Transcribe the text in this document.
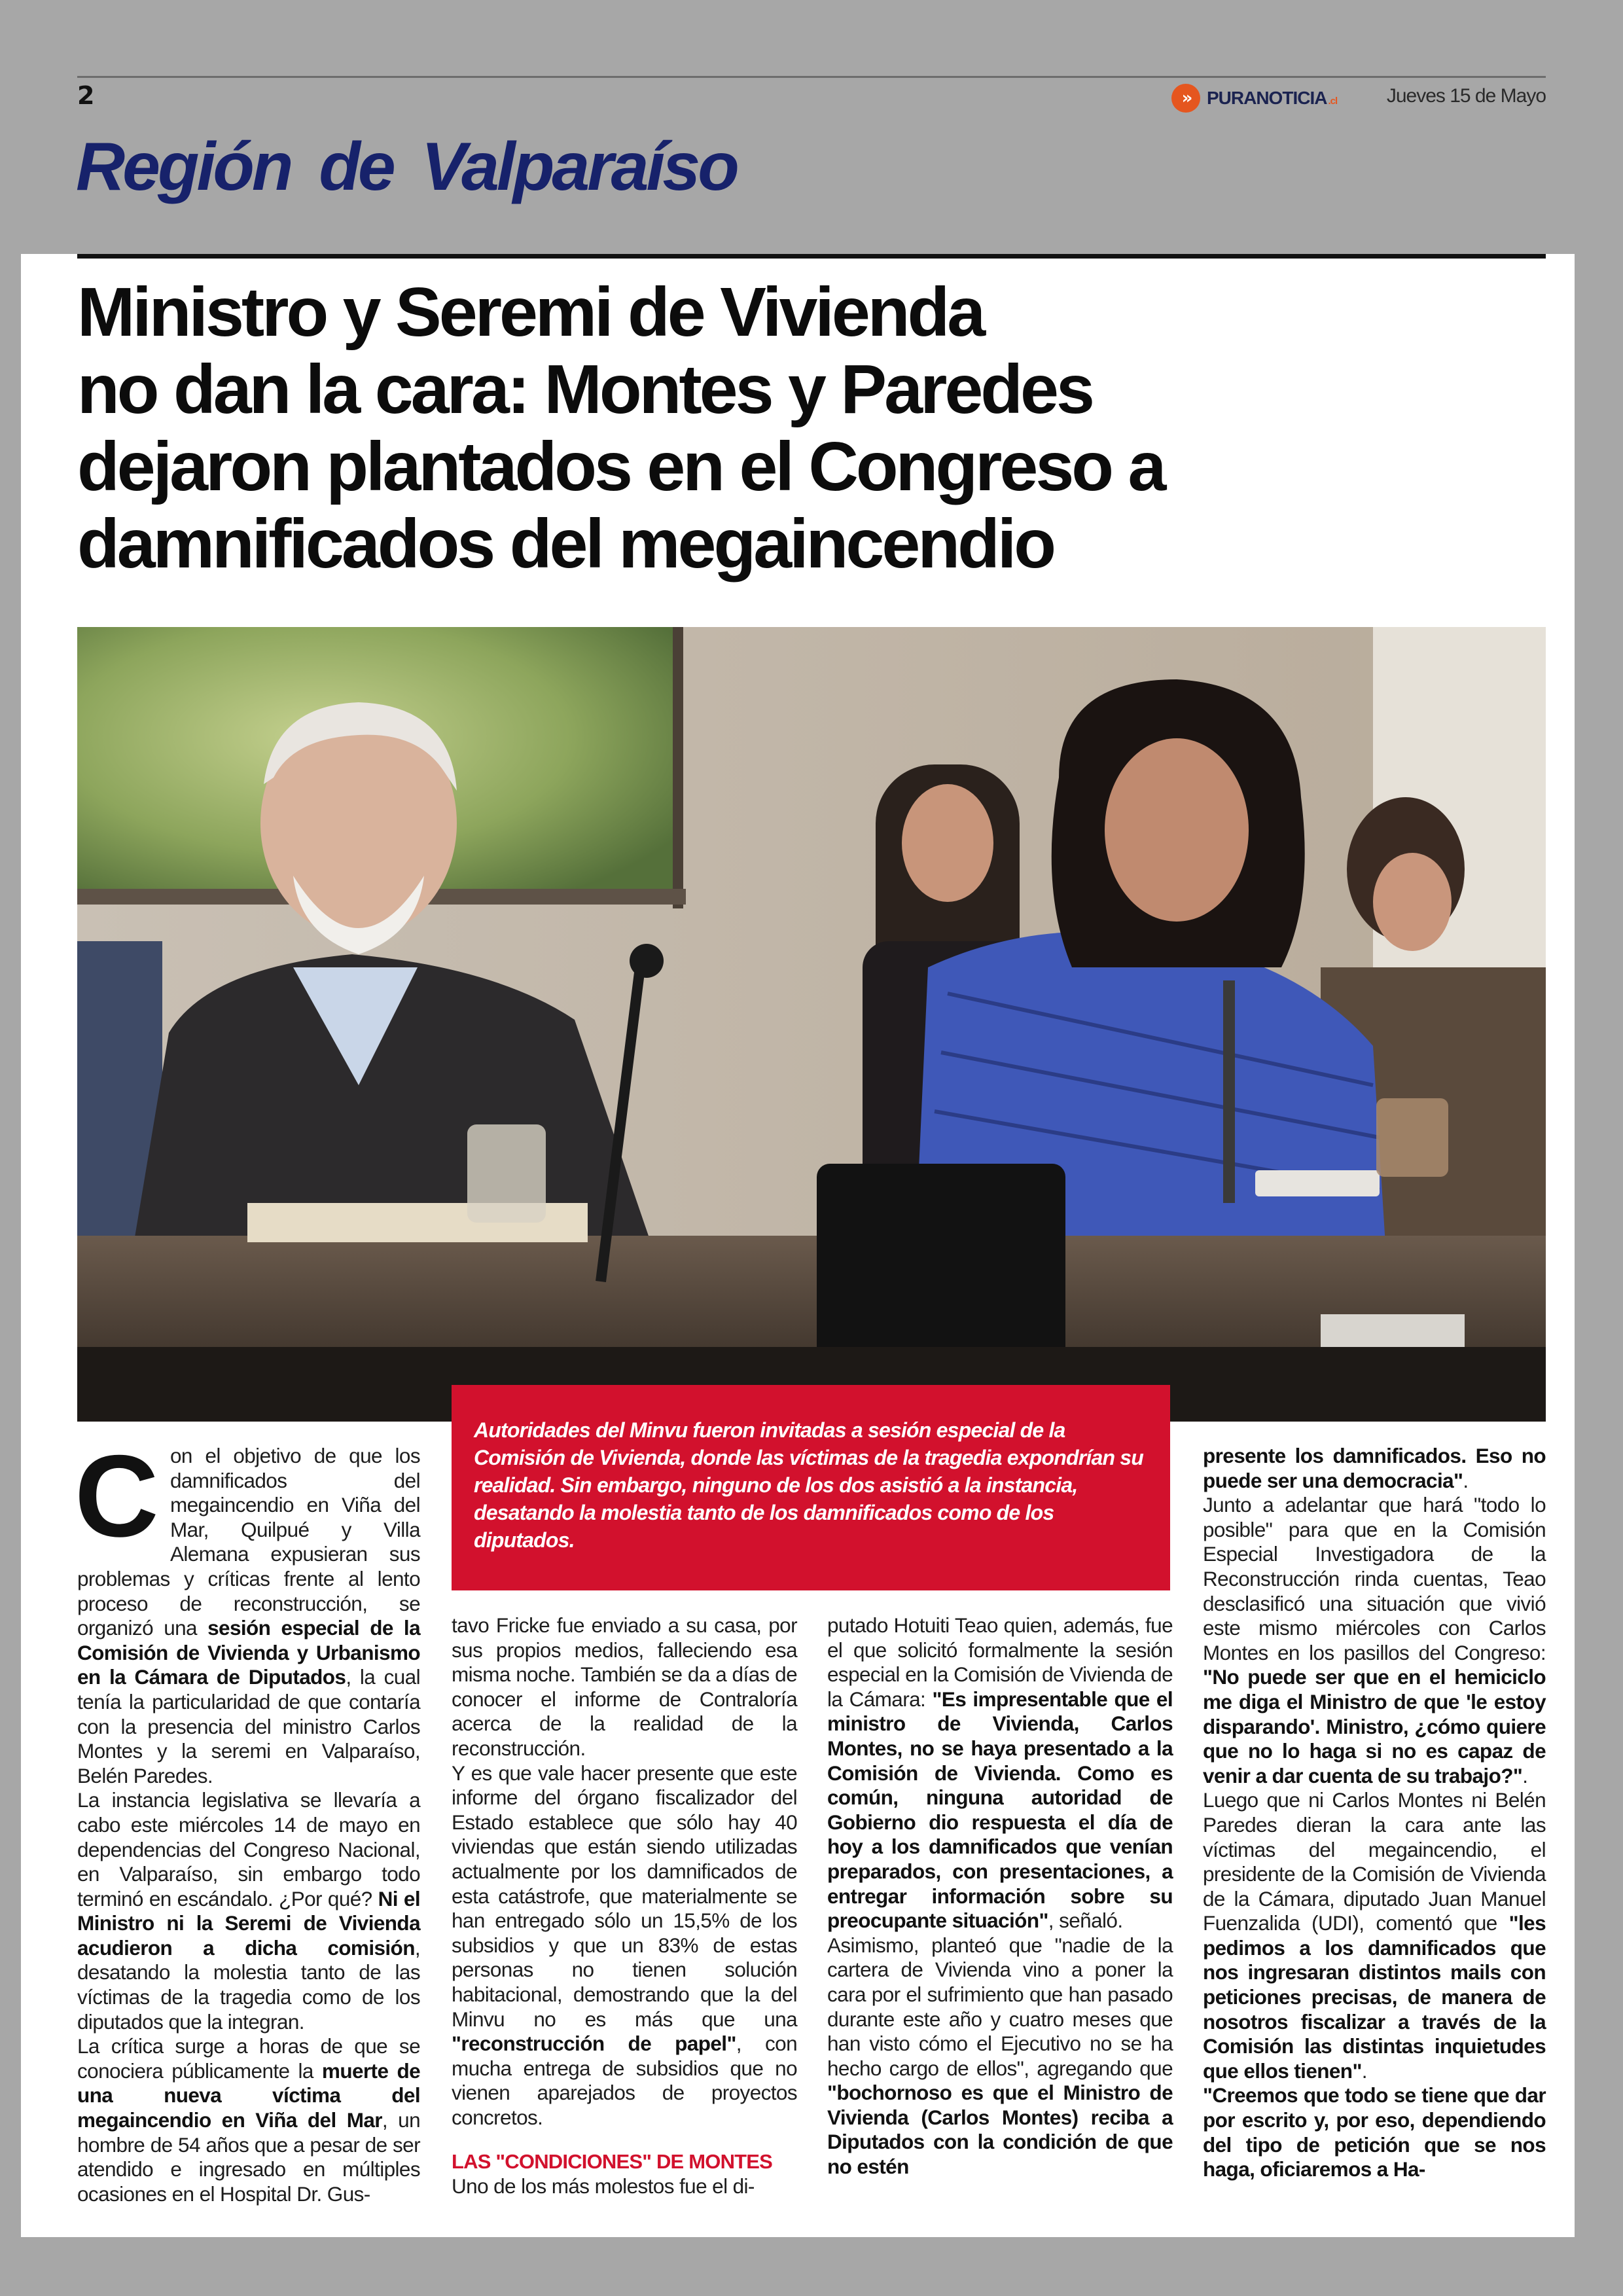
2	» PURANOTICIA .cl	Jueves 15 de Mayo
Región de Valparaíso
Ministro y Seremi de Vivienda
no dan la cara: Montes y Paredes
dejaron plantados en el Congreso a
damnificados del megaincendio

Autoridades del Minvu fueron invitadas a sesión especial de la Comisión de Vivienda, donde las víctimas de la tragedia expondrían su realidad. Sin embargo, ninguno de los dos asistió a la instancia, desatando la molestia tanto de los damnificados como de los diputados.

Con el objetivo de que los damnificados del megaincendio en Viña del Mar, Quilpué y Villa Alemana expusieran sus problemas y críticas frente al lento proceso de reconstrucción, se organizó una sesión especial de la Comisión de Vivienda y Urbanismo en la Cámara de Diputados, la cual tenía la particularidad de que contaría con la presencia del ministro Carlos Montes y la seremi en Valparaíso, Belén Paredes.

La instancia legislativa se llevaría a cabo este miércoles 14 de mayo en dependencias del Congreso Nacional, en Valparaíso, sin embargo todo terminó en escándalo. ¿Por qué? Ni el Ministro ni la Seremi de Vivienda acudieron a dicha comisión, desatando la molestia tanto de las víctimas de la tragedia como de los diputados que la integran.

La crítica surge a horas de que se conociera públicamente la muerte de una nueva víctima del megaincendio en Viña del Mar, un hombre de 54 años que a pesar de ser atendido e ingresado en múltiples ocasiones en el Hospital Dr. Gus-

tavo Fricke fue enviado a su casa, por sus propios medios, falleciendo esa misma noche. También se da a días de conocer el informe de Contraloría acerca de la realidad de la reconstrucción.

Y es que vale hacer presente que este informe del órgano fiscalizador del Estado establece que sólo hay 40 viviendas que están siendo utilizadas actualmente por los damnificados de esta catástrofe, que materialmente se han entregado sólo un 15,5% de los subsidios y que un 83% de estas personas no tienen solución habitacional, demostrando que la del Minvu no es más que una "reconstrucción de papel", con mucha entrega de subsidios que no vienen aparejados de proyectos concretos.

LAS "CONDICIONES" DE MONTES

Uno de los más molestos fue el di-

putado Hotuiti Teao quien, además, fue el que solicitó formalmente la sesión especial en la Comisión de Vivienda de la Cámara: "Es impresentable que el ministro de Vivienda, Carlos Montes, no se haya presentado a la Comisión de Vivienda. Como es común, ninguna autoridad de Gobierno dio respuesta el día de hoy a los damnificados que venían preparados, con presentaciones, a entregar información sobre su preocupante situación", señaló.

Asimismo, planteó que "nadie de la cartera de Vivienda vino a poner la cara por el sufrimiento que han pasado durante este año y cuatro meses que han visto cómo el Ejecutivo no se ha hecho cargo de ellos", agregando que "bochornoso es que el Ministro de Vivienda (Carlos Montes) reciba a Diputados con la condición de que no estén

presente los damnificados. Eso no puede ser una democracia".

Junto a adelantar que hará "todo lo posible" para que en la Comisión Especial Investigadora de la Reconstrucción rinda cuentas, Teao desclasificó una situación que vivió este mismo miércoles con Carlos Montes en los pasillos del Congreso: "No puede ser que en el hemiciclo me diga el Ministro de que 'le estoy disparando'. Ministro, ¿cómo quiere que no lo haga si no es capaz de venir a dar cuenta de su trabajo?".

Luego que ni Carlos Montes ni Belén Paredes dieran la cara ante las víctimas del megaincendio, el presidente de la Comisión de Vivienda de la Cámara, diputado Juan Manuel Fuenzalida (UDI), comentó que "les pedimos a los damnificados que nos ingresaran distintos mails con peticiones precisas, de manera de nosotros fiscalizar a través de la Comisión las distintas inquietudes que ellos tienen".

"Creemos que todo se tiene que dar por escrito y, por eso, dependiendo del tipo de petición que se nos haga, oficiaremos a Ha-
